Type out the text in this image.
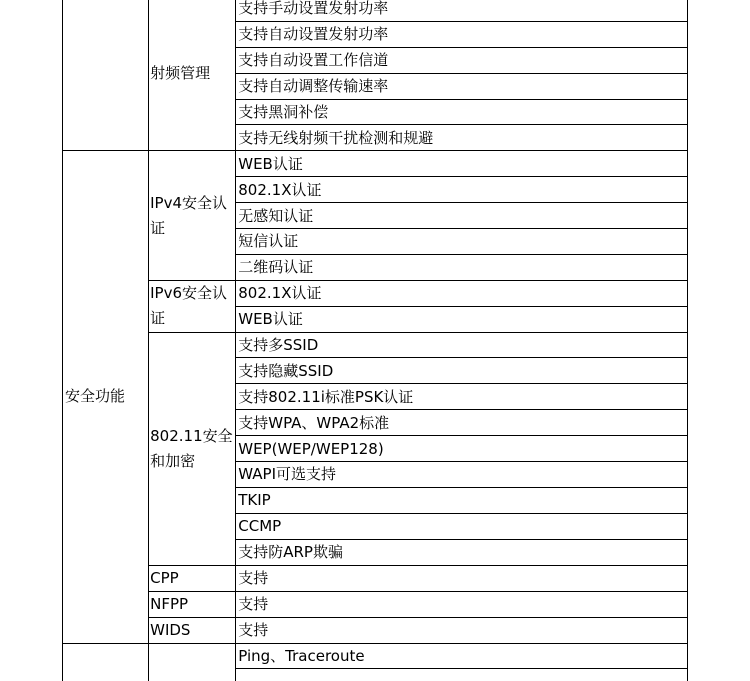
	射频管理	支持手动设置发射功率
		支持自动设置发射功率
		支持自动设置工作信道
		支持自动调整传输速率
		支持黑洞补偿
		支持无线射频干扰检测和规避
安全功能	IPv4安全认证	WEB认证
		802.1X认证
		无感知认证
		短信认证
		二维码认证
	IPv6安全认证	802.1X认证
		WEB认证
	802.11安全和加密	支持多SSID
		支持隐藏SSID
		支持802.11i标准PSK认证
		支持WPA、WPA2标准
		WEP(WEP/WEP128)
		WAPI可选支持
		TKIP
		CCMP
		支持防ARP欺骗
	CPP	支持
	NFPP	支持
	WIDS	支持
		Ping、Traceroute
